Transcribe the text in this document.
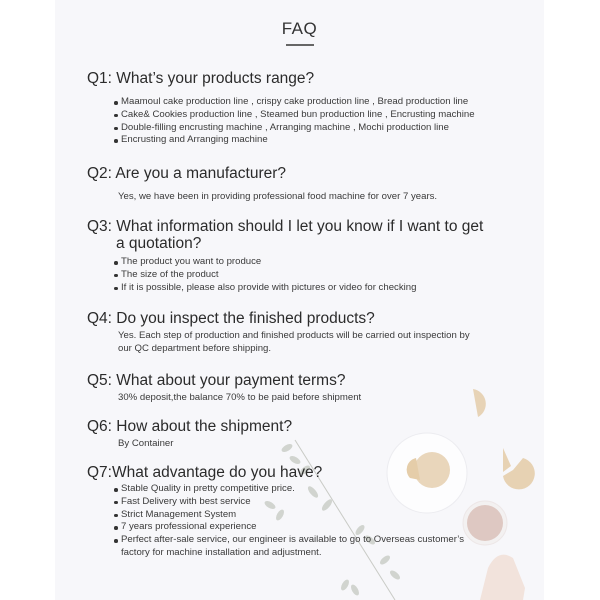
FAQ
Q1: What’s your products range?
Maamoul cake production line , crispy cake production line , Bread production line
Cake& Cookies production line , Steamed bun production line , Encrusting machine
Double-filling encrusting machine , Arranging machine , Mochi production line
Encrusting and Arranging machine
Q2: Are you a manufacturer?
Yes, we have been in providing professional food machine for over 7 years.
Q3: What information should I let you know if I want to get
a quotation?
The product you want to produce
The size of the product
If it is possible, please also provide with pictures or video for checking
Q4: Do you inspect the finished products?
Yes. Each step of production and finished products will be carried out inspection by
our QC department before shipping.
Q5: What about your payment terms?
30% deposit,the balance 70% to be paid before shipment
Q6: How about the shipment?
By Container
Q7:What advantage do you have?
Stable Quality in pretty competitive price.
Fast Delivery with best service
Strict Management System
7 years professional experience
Perfect after-sale service, our engineer is available to go to Overseas customer’s
factory for machine installation and adjustment.
